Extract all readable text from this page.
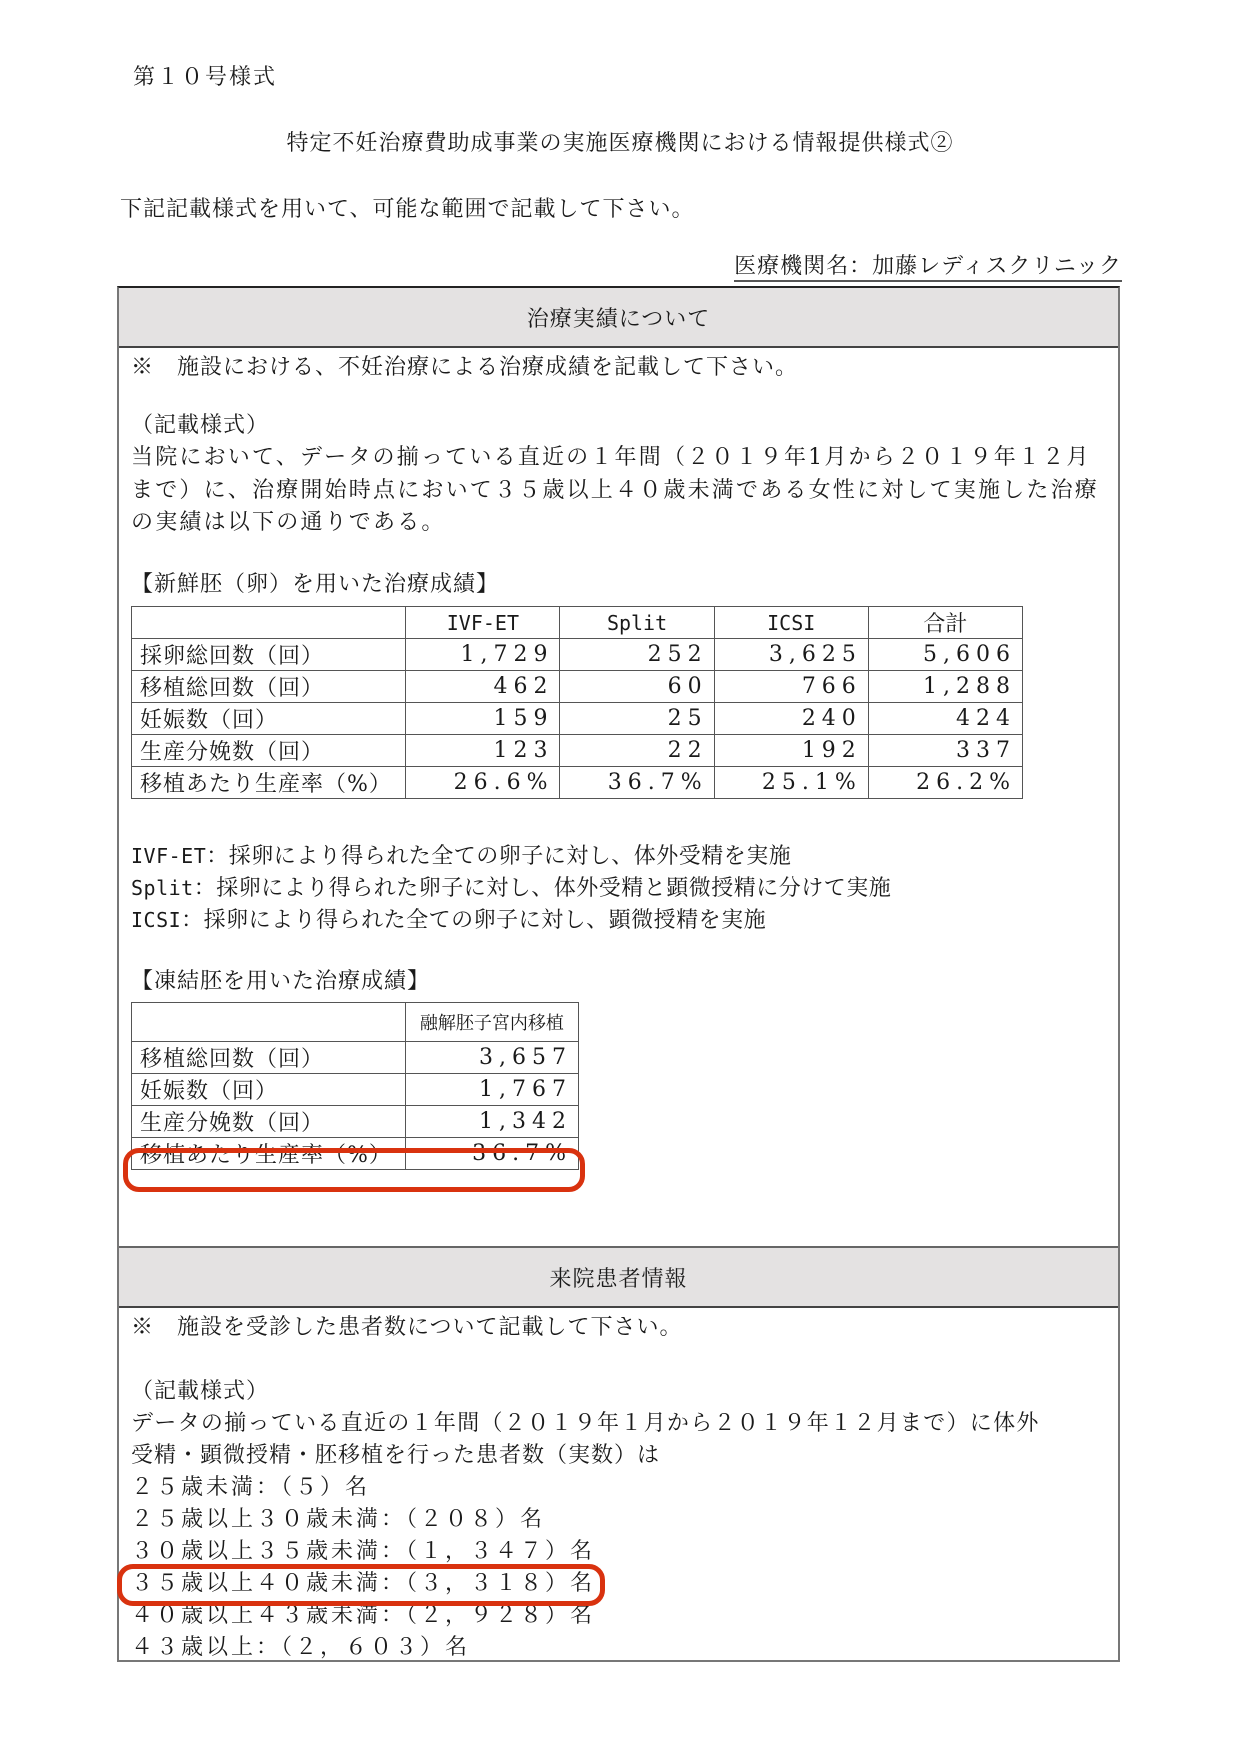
第１０号様式
特定不妊治療費助成事業の実施医療機関における情報提供様式②
下記記載様式を用いて、可能な範囲で記載して下さい。
医療機関名：加藤レディスクリニック
治療実績について
※　施設における、不妊治療による治療成績を記載して下さい。
（記載様式）
当院において、データの揃っている直近の１年間（２０１９年1月から２０１９年１２月まで）に、治療開始時点において３５歳以上４０歳未満である女性に対して実施した治療の実績は以下の通りである。
【新鮮胚（卵）を用いた治療成績】
	IVF-ET	Split	ICSI	合計
採卵総回数（回）	1,729	252	3,625	5,606
移植総回数（回）	462	60	766	1,288
妊娠数（回）	159	25	240	424
生産分娩数（回）	123	22	192	337
移植あたり生産率（%）	26.6%	36.7%	25.1%	26.2%
IVF-ET：採卵により得られた全ての卵子に対し、体外受精を実施
Split：採卵により得られた卵子に対し、体外受精と顕微授精に分けて実施
ICSI：採卵により得られた全ての卵子に対し、顕微授精を実施
【凍結胚を用いた治療成績】
	融解胚子宮内移植
移植総回数（回）	3,657
妊娠数（回）	1,767
生産分娩数（回）	1,342
移植あたり生産率（%）	36.7%
来院患者情報
※　施設を受診した患者数について記載して下さい。
（記載様式）
データの揃っている直近の１年間（２０１９年１月から２０１９年１２月まで）に体外
受精・顕微授精・胚移植を行った患者数（実数）は
２５歳未満：（５）名
２５歳以上３０歳未満：（２０８）名
３０歳以上３５歳未満：（１，３４７）名
３５歳以上４０歳未満：（３，３１８）名
４０歳以上４３歳未満：（２，９２８）名
４３歳以上：（２，６０３）名
